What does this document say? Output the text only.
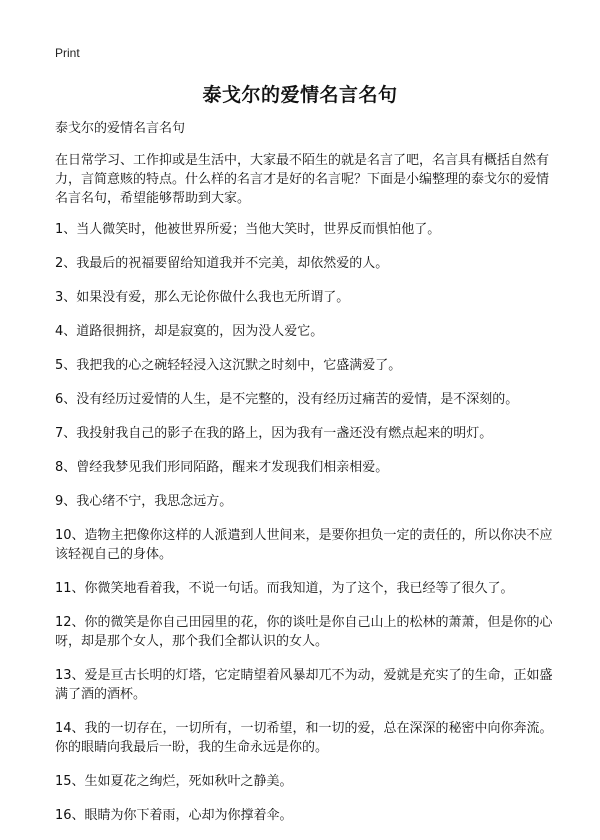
Print
泰戈尔的爱情名言名句
泰戈尔的爱情名言名句
在日常学习、工作抑或是生活中，大家最不陌生的就是名言了吧，名言具有概括自然有力，言简意赅的特点。什么样的名言才是好的名言呢？下面是小编整理的泰戈尔的爱情名言名句，希望能够帮助到大家。
1、当人微笑时，他被世界所爱；当他大笑时，世界反而惧怕他了。
2、我最后的祝福要留给知道我并不完美，却依然爱的人。
3、如果没有爱，那么无论你做什么我也无所谓了。
4、道路很拥挤，却是寂寞的，因为没人爱它。
5、我把我的心之碗轻轻浸入这沉默之时刻中，它盛满爱了。
6、没有经历过爱情的人生，是不完整的，没有经历过痛苦的爱情，是不深刻的。
7、我投射我自己的影子在我的路上，因为我有一盏还没有燃点起来的明灯。
8、曾经我梦见我们形同陌路，醒来才发现我们相亲相爱。
9、我心绪不宁，我思念远方。
10、造物主把像你这样的人派遣到人世间来，是要你担负一定的责任的，所以你决不应该轻视自己的身体。
11、你微笑地看着我，不说一句话。而我知道，为了这个，我已经等了很久了。
12、你的微笑是你自己田园里的花，你的谈吐是你自己山上的松林的萧萧，但是你的心呀，却是那个女人，那个我们全都认识的女人。
13、爱是亘古长明的灯塔，它定睛望着风暴却兀不为动，爱就是充实了的生命，正如盛满了酒的酒杯。
14、我的一切存在，一切所有，一切希望，和一切的爱，总在深深的秘密中向你奔流。你的眼睛向我最后一盼，我的生命永远是你的。
15、生如夏花之绚烂，死如秋叶之静美。
16、眼睛为你下着雨，心却为你撑着伞。
